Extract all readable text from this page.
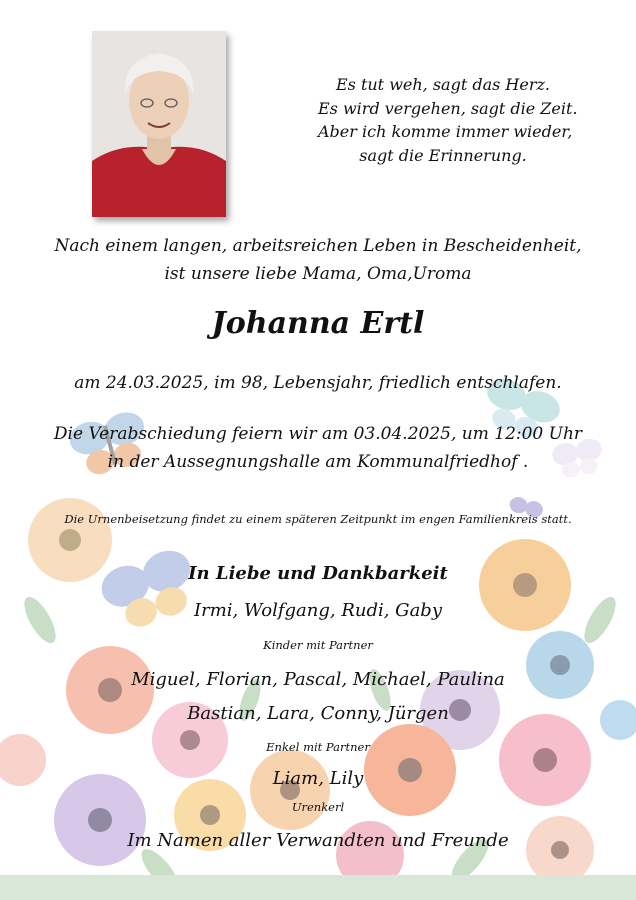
Es tut weh, sagt das Herz.
Es wird vergehen, sagt die Zeit.
Aber ich komme immer wieder,
sagt die Erinnerung.
Nach einem langen, arbeitsreichen Leben in Bescheidenheit,
ist unsere liebe Mama, Oma,Uroma
Johanna Ertl
am 24.03.2025, im 98, Lebensjahr, friedlich entschlafen.
Die Verabschiedung feiern wir am 03.04.2025, um 12:00 Uhr
in der Aussegnungshalle am Kommunalfriedhof .
Die Urnenbeisetzung findet zu einem späteren Zeitpunkt im engen Familienkreis statt.
In Liebe und Dankbarkeit
Irmi, Wolfgang, Rudi, Gaby
Kinder mit Partner
Miguel, Florian, Pascal, Michael, Paulina
Bastian, Lara, Conny, Jürgen
Enkel mit Partner
Liam, Lily
Urenkerl
Im Namen aller Verwandten und Freunde
